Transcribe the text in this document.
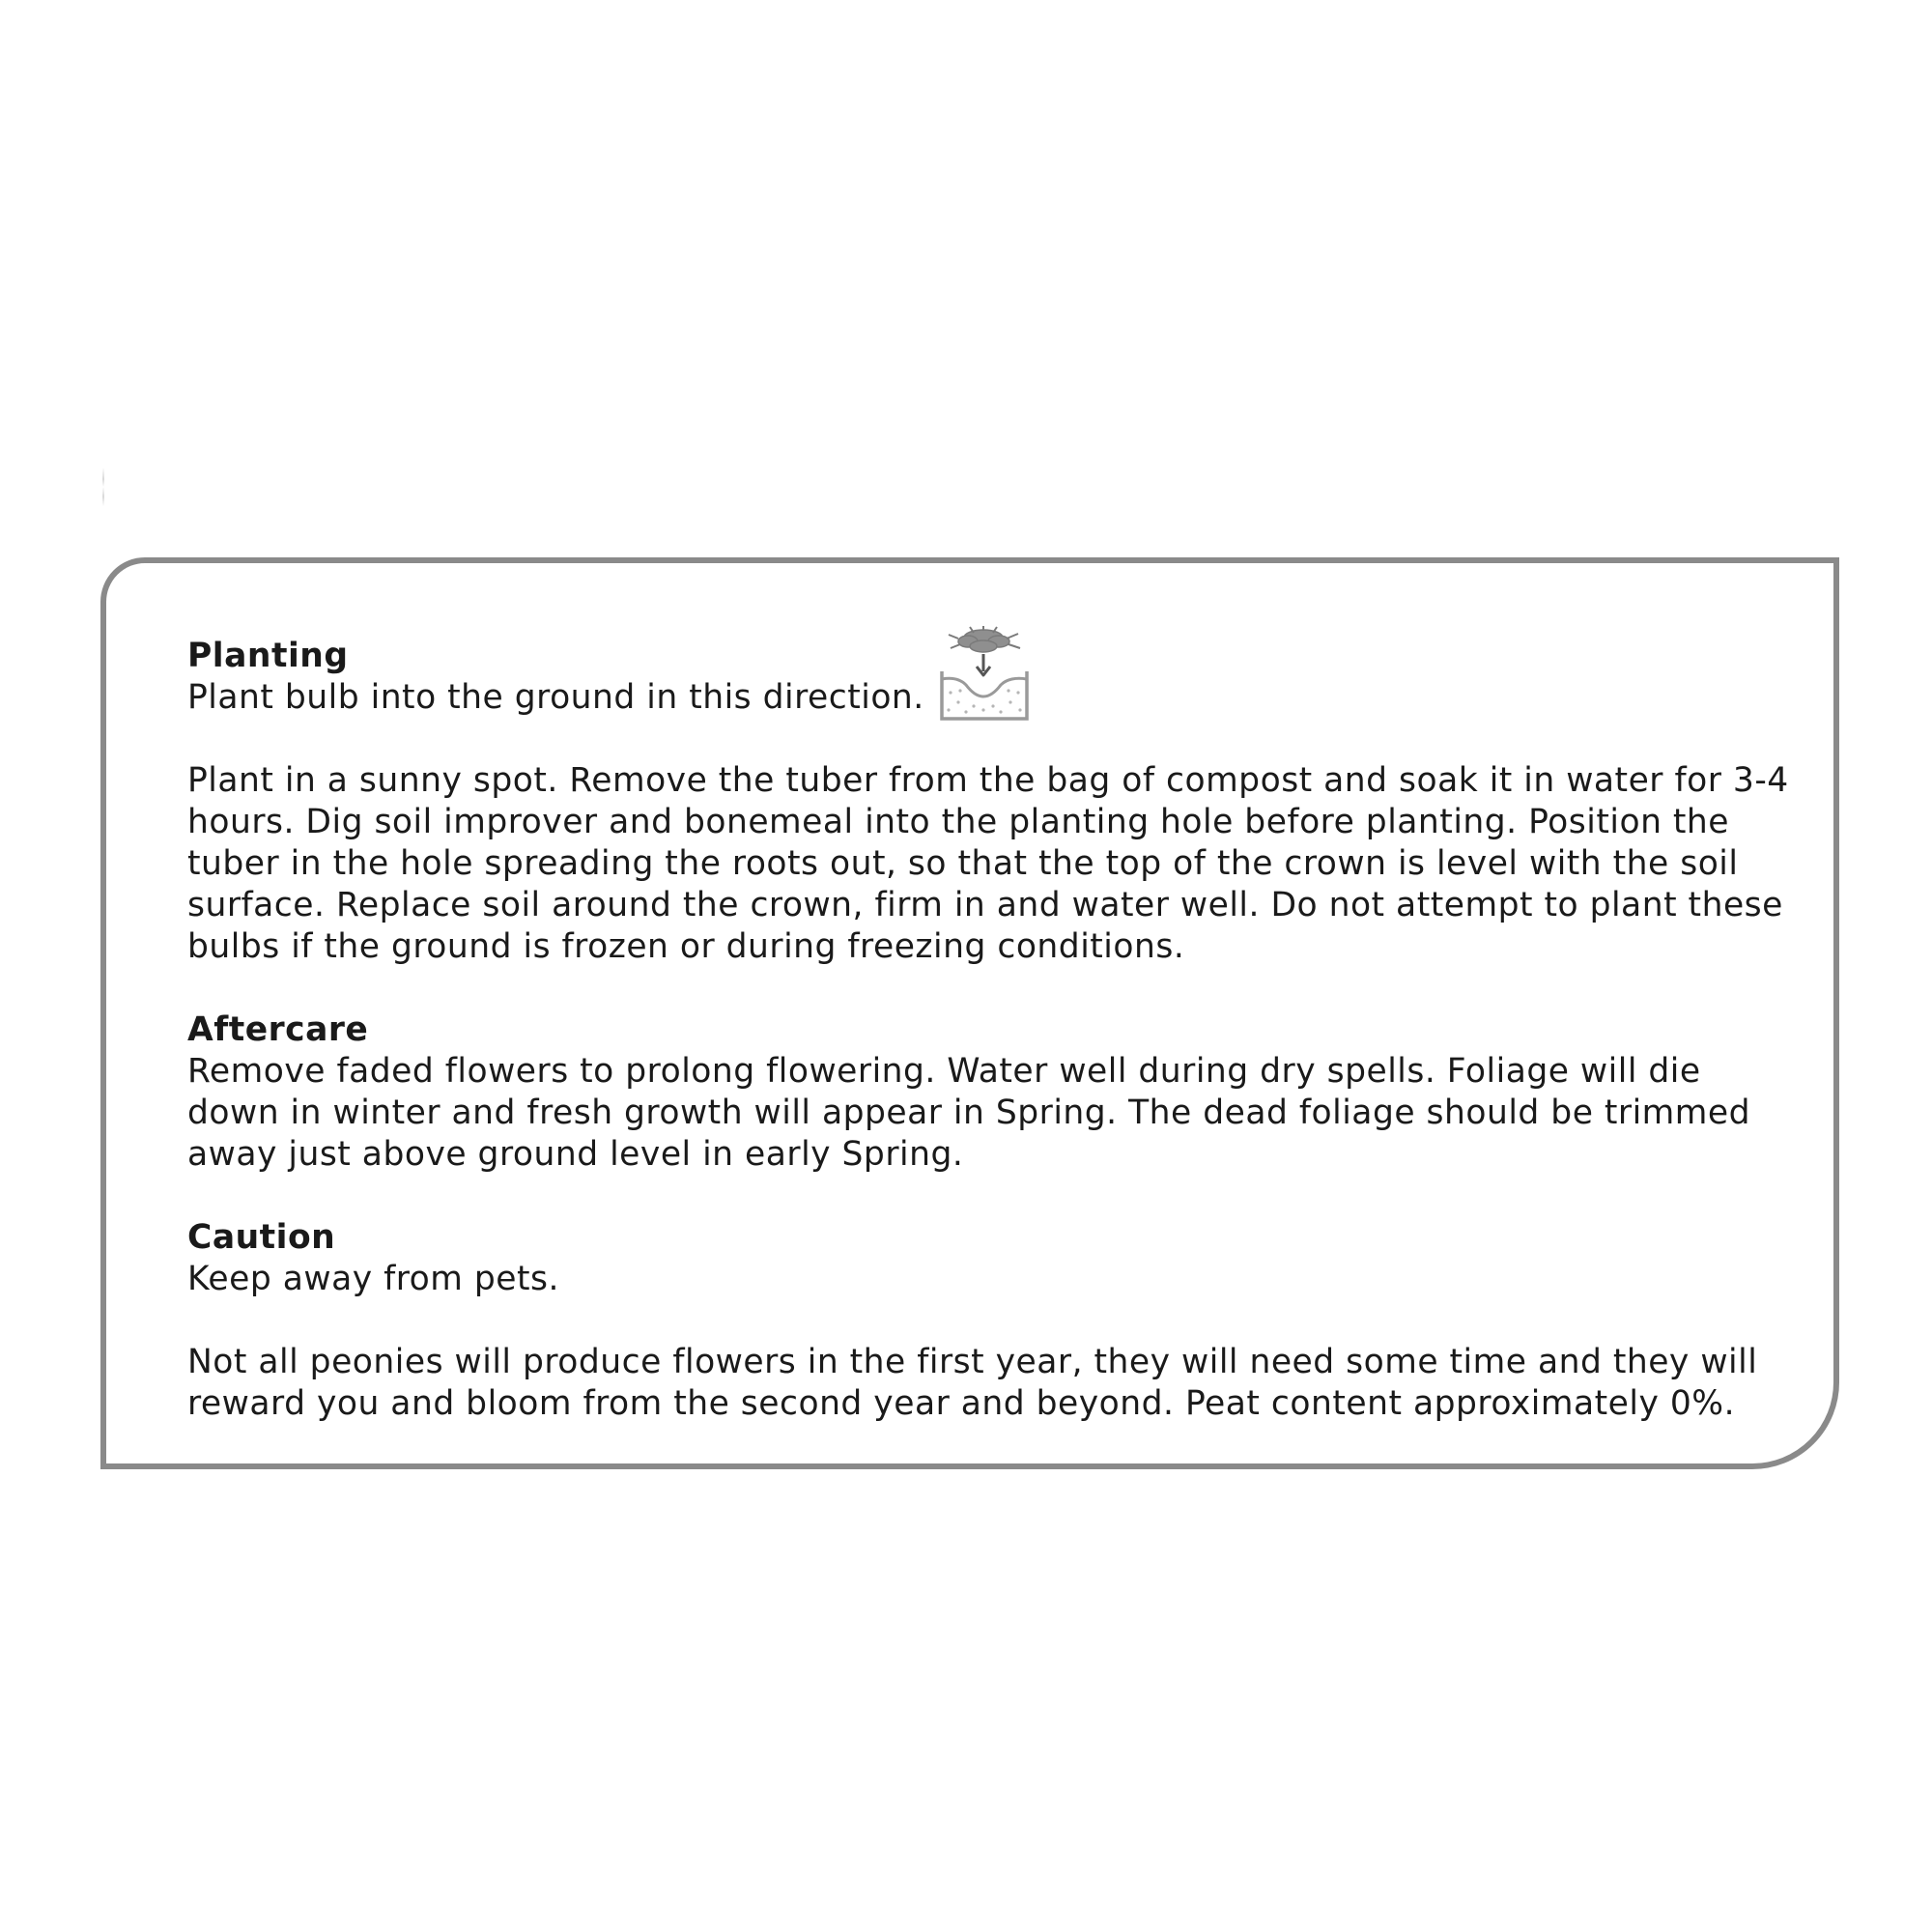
Planting

Plant bulb into the ground in this direction.

Plant in a sunny spot. Remove the tuber from the bag of compost and soak it in water for 3-4 hours. Dig soil improver and bonemeal into the planting hole before planting. Position the tuber in the hole spreading the roots out, so that the top of the crown is level with the soil surface. Replace soil around the crown, firm in and water well. Do not attempt to plant these bulbs if the ground is frozen or during freezing conditions.

Aftercare

Remove faded flowers to prolong flowering. Water well during dry spells. Foliage will die down in winter and fresh growth will appear in Spring. The dead foliage should be trimmed away just above ground level in early Spring.

Caution

Keep away from pets.

Not all peonies will produce flowers in the first year, they will need some time and they will reward you and bloom from the second year and beyond. Peat content approximately 0%.
